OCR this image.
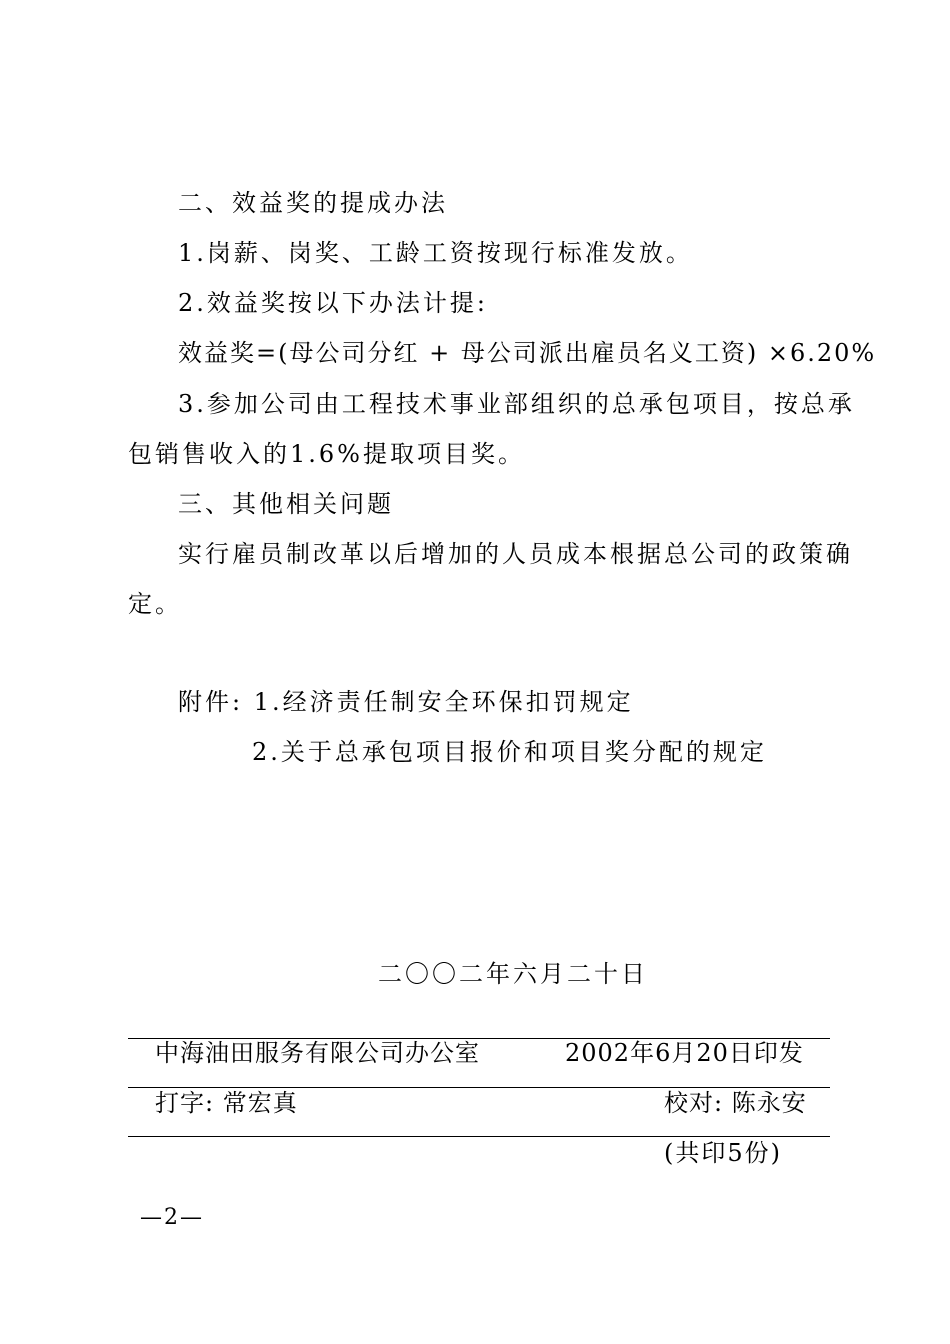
二、效益奖的提成办法
1.岗薪、岗奖、工龄工资按现行标准发放。
2.效益奖按以下办法计提:
效益奖=(母公司分红 + 母公司派出雇员名义工资) ×6.20%
3.参加公司由工程技术事业部组织的总承包项目，按总承
包销售收入的1.6%提取项目奖。
三、其他相关问题
实行雇员制改革以后增加的人员成本根据总公司的政策确
定。
附件: 1.经济责任制安全环保扣罚规定
2.关于总承包项目报价和项目奖分配的规定
二〇〇二年六月二十日
中海油田服务有限公司办公室	2002年6月20日印发
打字: 常宏真	校对: 陈永安
(共印5份)
—2—
